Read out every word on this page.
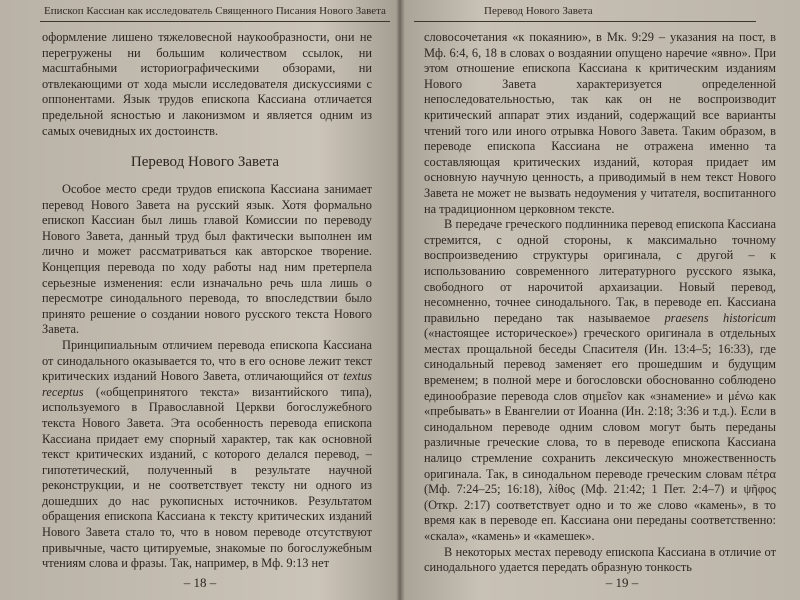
Епископ Кассиан как исследователь Священного Писания Нового Завета

оформление лишено тяжеловесной наукообразности, они не перегружены ни большим количеством ссылок, ни масштабными историографическими обзорами, ни отвлекающими от хода мысли исследователя дискуссиями с оппонентами. Язык трудов епископа Кассиана отличается предельной ясностью и лаконизмом и является одним из самых очевидных их достоинств.

Перевод Нового Завета

Особое место среди трудов епископа Кассиана занимает перевод Нового Завета на русский язык. Хотя формально епископ Кассиан был лишь главой Комиссии по переводу Нового Завета, данный труд был фактически выполнен им лично и может рассматриваться как авторское творение. Концепция перевода по ходу работы над ним претерпела серьезные изменения: если изначально речь шла лишь о пересмотре синодального перевода, то впоследствии было принято решение о создании нового русского текста Нового Завета.

Принципиальным отличием перевода епископа Кассиана от синодального оказывается то, что в его основе лежит текст критических изданий Нового Завета, отличающийся от textus receptus («общепринятого текста» византийского типа), используемого в Православной Церкви богослужебного текста Нового Завета. Эта особенность перевода епископа Кассиана придает ему спорный характер, так как основной текст критических изданий, с которого делался перевод, – гипотетический, полученный в результате научной реконструкции, и не соответствует тексту ни одного из дошедших до нас рукописных источников. Результатом обращения епископа Кассиана к тексту критических изданий Нового Завета стало то, что в новом переводе отсутствуют привычные, часто цитируемые, знакомые по богослужебным чтениям слова и фразы. Так, например, в Мф. 9:13 нет

– 18 –
Перевод Нового Завета

словосочетания «к покаянию», в Мк. 9:29 – указания на пост, в Мф. 6:4, 6, 18 в словах о воздаянии опущено наречие «явно». При этом отношение епископа Кассиана к критическим изданиям Нового Завета характеризуется определенной непоследовательностью, так как он не воспроизводит критический аппарат этих изданий, содержащий все варианты чтений того или иного отрывка Нового Завета. Таким образом, в переводе епископа Кассиана не отражена именно та составляющая критических изданий, которая придает им основную научную ценность, а приводимый в нем текст Нового Завета не может не вызвать недоумения у читателя, воспитанного на традиционном церковном тексте.

В передаче греческого подлинника перевод епископа Кассиана стремится, с одной стороны, к максимально точному воспроизведению структуры оригинала, с другой – к использованию современного литературного русского языка, свободного от нарочитой архаизации. Новый перевод, несомненно, точнее синодального. Так, в переводе еп. Кассиана правильно передано так называемое praesens historicum («настоящее историческое») греческого оригинала в отдельных местах прощальной беседы Спасителя (Ин. 13:4–5; 16:33), где синодальный перевод заменяет его прошедшим и будущим временем; в полной мере и богословски обоснованно соблюдено единообразие перевода слов σημεῖον как «знамение» и μένω как «пребывать» в Евангелии от Иоанна (Ин. 2:18; 3:36 и т.д.). Если в синодальном переводе одним словом могут быть переданы различные греческие слова, то в переводе епископа Кассиана налицо стремление сохранить лексическую множественность оригинала. Так, в синодальном переводе греческим словам πέτρα (Мф. 7:24–25; 16:18), λίθος (Мф. 21:42; 1 Пет. 2:4–7) и ψῆφος (Откр. 2:17) соответствует одно и то же слово «камень», в то время как в переводе еп. Кассиана они переданы соответственно: «скала», «камень» и «камешек».

В некоторых местах переводу епископа Кассиана в отличие от синодального удается передать образную тонкость

– 19 –
